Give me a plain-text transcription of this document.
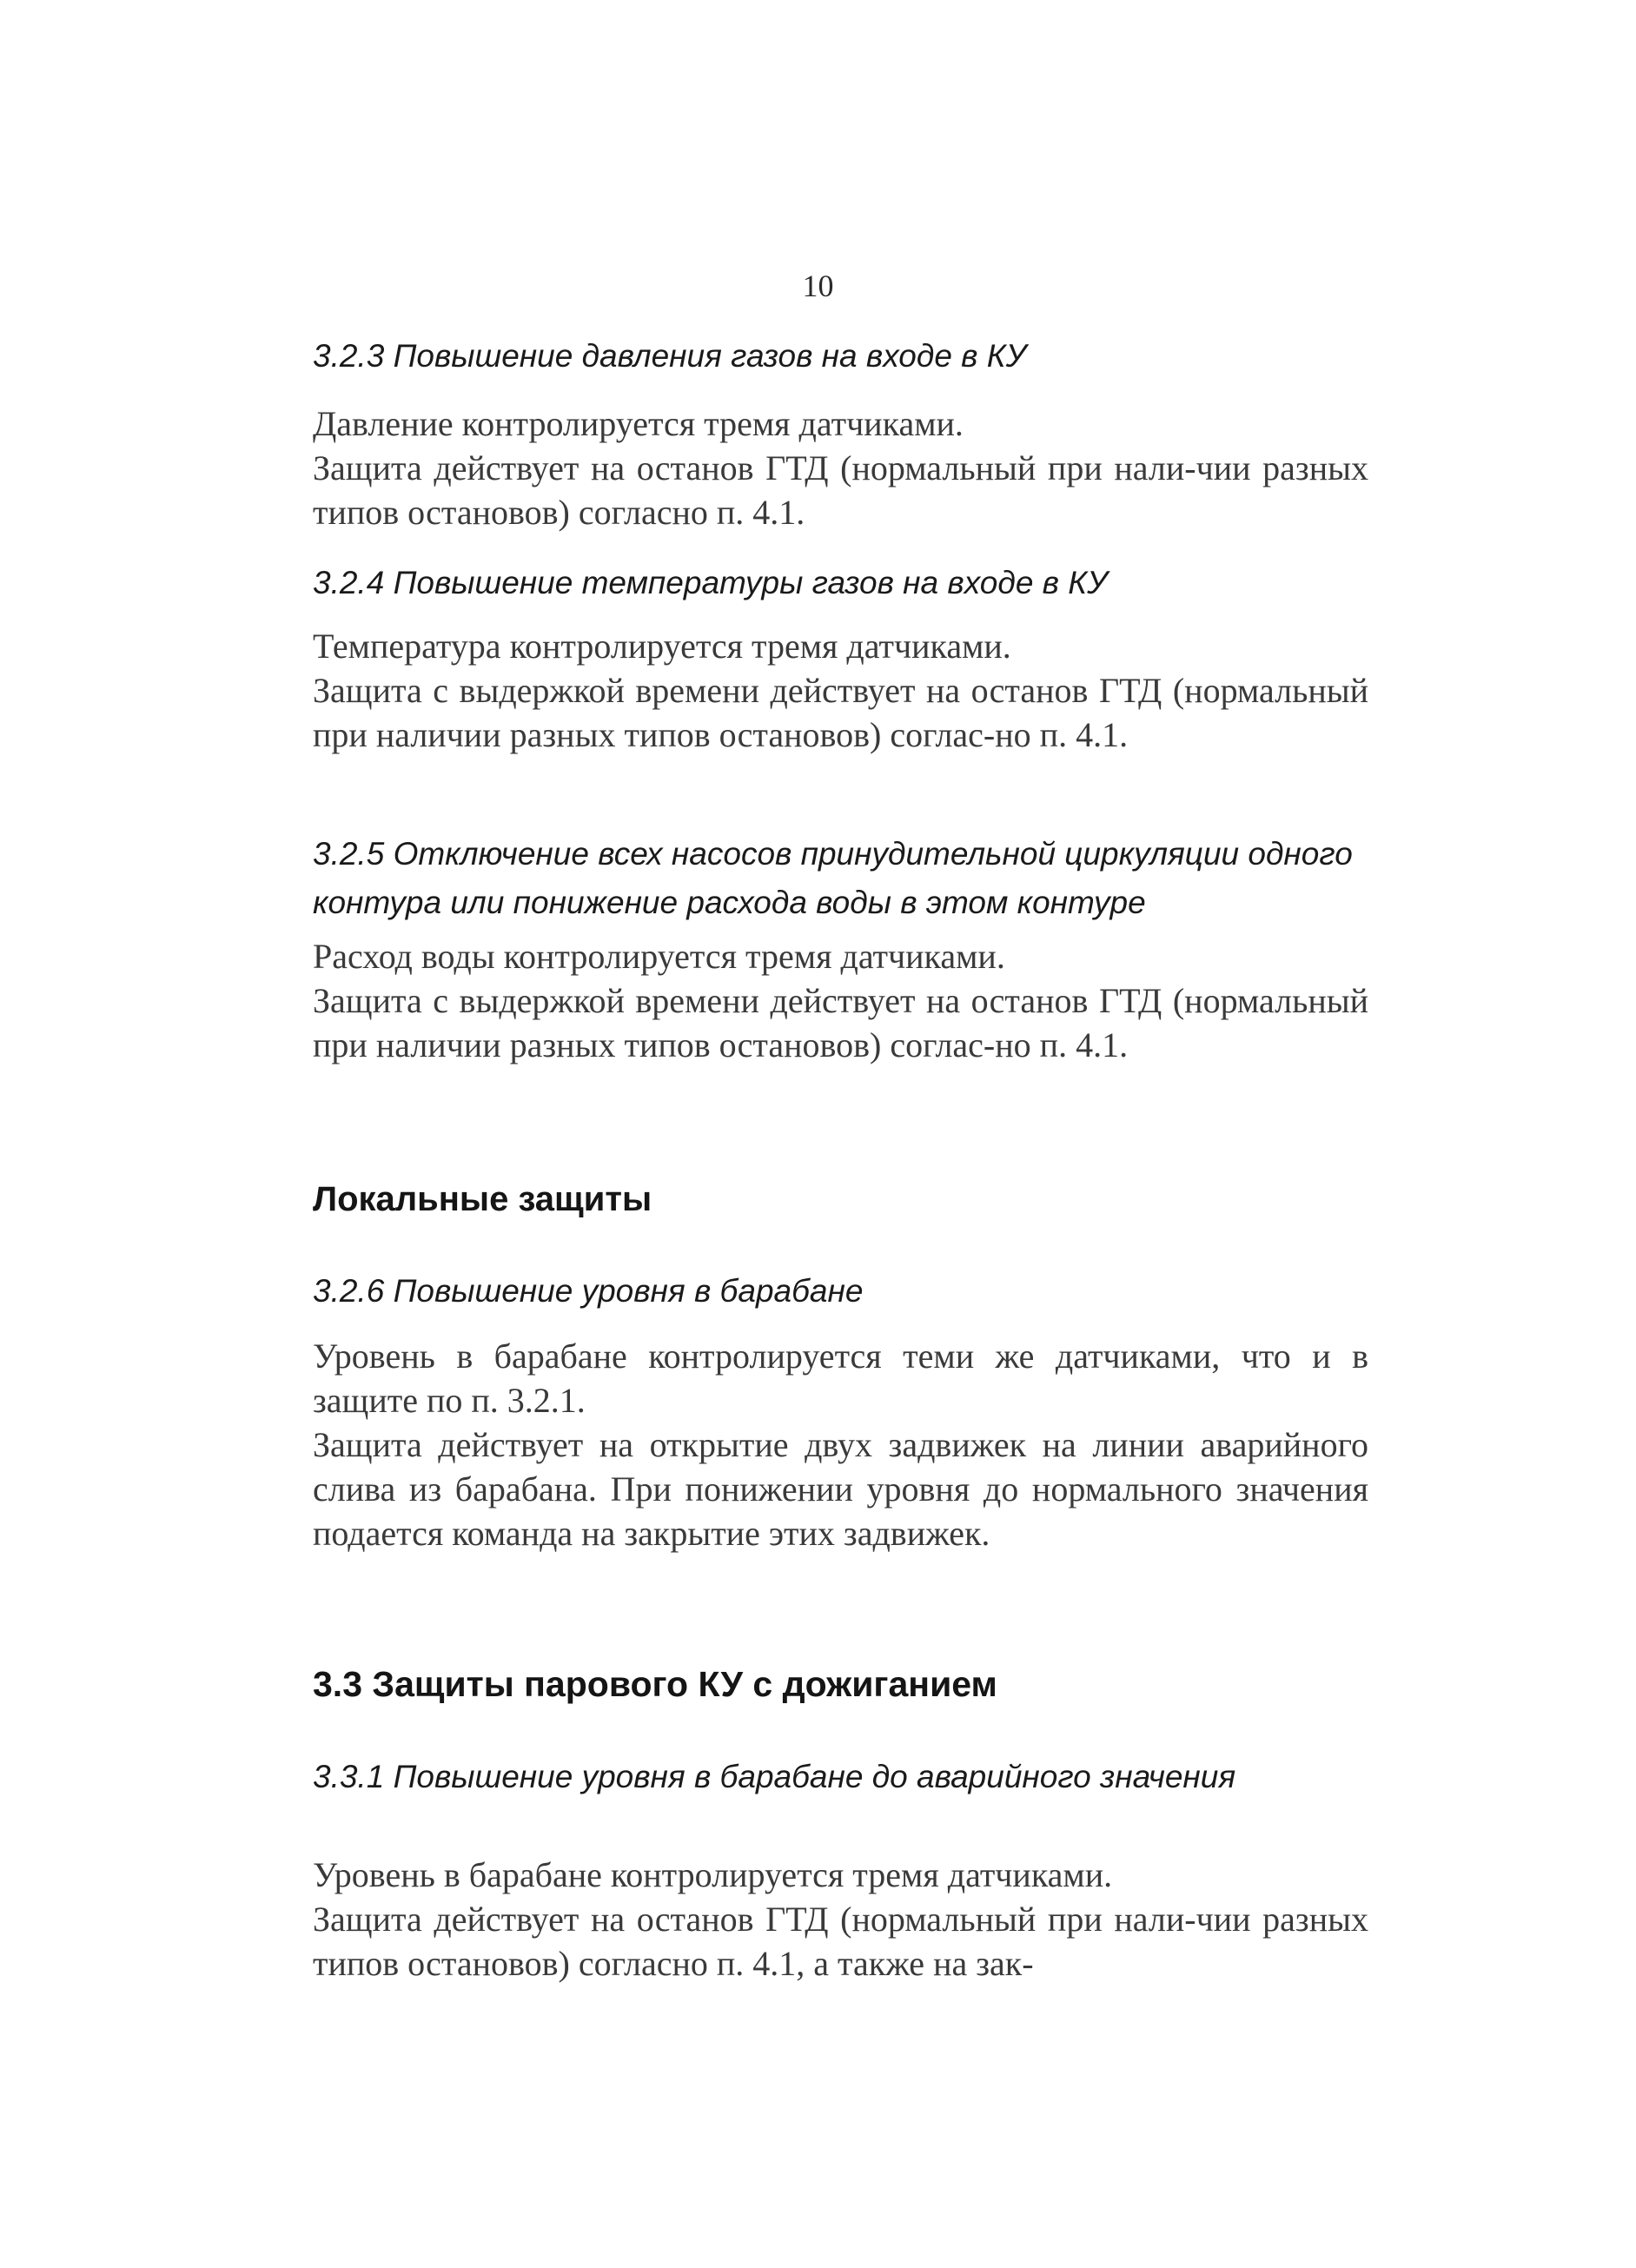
10
3.2.3 Повышение давления газов на входе в КУ

Давление контролируется тремя датчиками.

Защита действует на останов ГТД (нормальный при нали-чии разных типов остановов) согласно п. 4.1.

3.2.4 Повышение температуры газов на входе в КУ

Температура контролируется тремя датчиками.

Защита с выдержкой времени действует на останов ГТД (нормальный при наличии разных типов остановов) соглас-но п. 4.1.

3.2.5 Отключение всех насосов принудительной циркуляции одного контура или понижение расхода воды в этом контуре

Расход воды контролируется тремя датчиками.

Защита с выдержкой времени действует на останов ГТД (нормальный при наличии разных типов остановов) соглас-но п. 4.1.

Локальные защиты
3.2.6 Повышение уровня в барабане

Уровень в барабане контролируется теми же датчиками, что и в защите по п. 3.2.1.

Защита действует на открытие двух задвижек на линии аварийного слива из барабана. При понижении уровня до нормального значения подается команда на закрытие этих задвижек.

3.3 Защиты парового КУ с дожиганием
3.3.1 Повышение уровня в барабане до аварийного значения

Уровень в барабане контролируется тремя датчиками.

Защита действует на останов ГТД (нормальный при нали-чии разных типов остановов) согласно п. 4.1, а также на зак-
